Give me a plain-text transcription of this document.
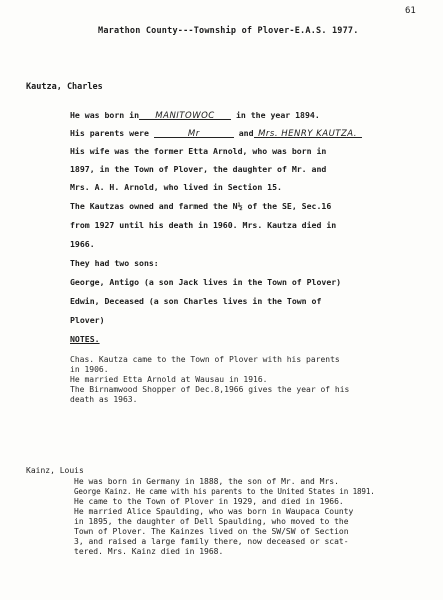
61
Marathon County---Township of Plover-E.A.S. 1977.
Kautza, Charles
He was born in MANITOWOC	in the year 1894.
His parents were	Mr	and Mrs. HENRY KAUTZA.
His wife was the former Etta Arnold, who was born in
1897, in the Town of Plover, the daughter of Mr. and
Mrs. A. H. Arnold, who lived in Section 15.
The Kautzas owned and farmed the N½ of the SE, Sec.16
from 1927 until his death in 1960. Mrs. Kautza died in
1966.
They had two sons:
George, Antigo (a son Jack lives in the Town of Plover)
Edwin, Deceased (a son Charles lives in the Town of
Plover)
NOTES.
Chas. Kautza came to the Town of Plover with his parents
in 1906.
He married Etta Arnold at Wausau in 1916.
The Birnamwood Shopper of Dec.8,1966 gives the year of his
death as 1963.
Kainz, Louis
He was born in Germany in 1888, the son of Mr. and Mrs.
George Kainz. He came with his parents to the United States in 1891.
He came to the Town of Plover in 1929, and died in 1966.
He married Alice Spaulding, who was born in Waupaca County
in 1895, the daughter of Dell Spaulding, who moved to the
Town of Plover. The Kainzes lived on the SW/SW of Section
3, and raised a large family there, now deceased or scat-
tered. Mrs. Kainz died in 1968.
